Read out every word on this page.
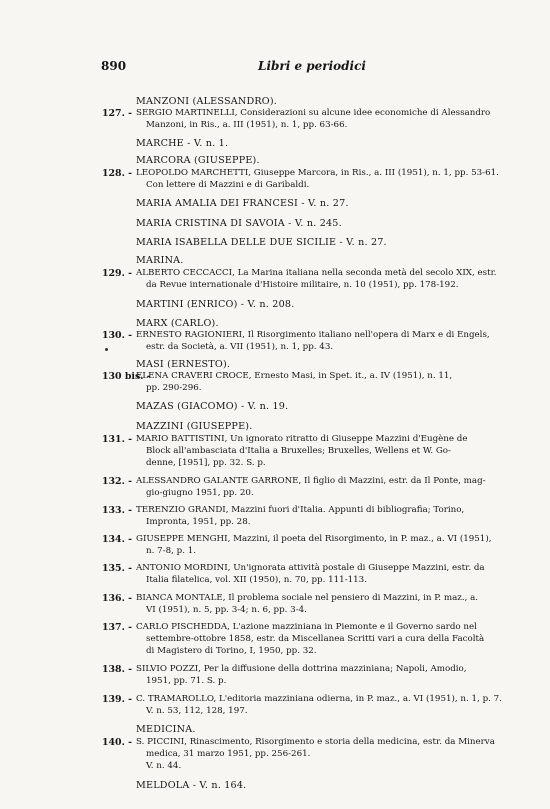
890	Libri e periodici
MANZONI (ALESSANDRO).
127. - SERGIO MARTINELLI, Considerazioni su alcune idee economiche di Alessandro
Manzoni, in Ris., a. III (1951), n. 1, pp. 63-66.
MARCHE - V. n. 1.
MARCORA (GIUSEPPE).
128. - LEOPOLDO MARCHETTI, Giuseppe Marcora, in Ris., a. III (1951), n. 1, pp. 53-61.
Con lettere di Mazzini e di Garibaldi.
MARIA AMALIA DEI FRANCESI - V. n. 27.
MARIA CRISTINA DI SAVOIA - V. n. 245.
MARIA ISABELLA DELLE DUE SICILIE - V. n. 27.
MARINA.
129. - ALBERTO CECCACCI, La Marina italiana nella seconda metà del secolo XIX, estr.
da Revue internationale d'Histoire militaire, n. 10 (1951), pp. 178-192.
MARTINI (ENRICO) - V. n. 208.
MARX (CARLO).
130. - ERNESTO RAGIONIERI, Il Risorgimento italiano nell'opera di Marx e di Engels,
estr. da Società, a. VII (1951), n. 1, pp. 43.
MASI (ERNESTO).
130 bis. -
ELENA CRAVERI CROCE, Ernesto Masi, in Spet. it., a. IV (1951), n. 11,
pp. 290-296.
MAZAS (GIACOMO) - V. n. 19.
MAZZINI (GIUSEPPE).
131. - MARIO BATTISTINI, Un ignorato ritratto di Giuseppe Mazzini d'Eugène de
Block all'ambasciata d'Italia a Bruxelles; Bruxelles, Wellens et W. Go-
denne, [1951], pp. 32. S. p.
132. - ALESSANDRO GALANTE GARRONE, Il figlio di Mazzini, estr. da Il Ponte, mag-
gio-giugno 1951, pp. 20.
133. - TERENZIO GRANDI, Mazzini fuori d'Italia. Appunti di bibliografia; Torino,
Impronta, 1951, pp. 28.
134. - GIUSEPPE MENGHI, Mazzini, il poeta del Risorgimento, in P. maz., a. VI (1951),
n. 7-8, p. 1.
135. - ANTONIO MORDINI, Un'ignorata attività postale di Giuseppe Mazzini, estr. da
Italia filatelica, vol. XII (1950), n. 70, pp. 111-113.
136. - BIANCA MONTALE, Il problema sociale nel pensiero di Mazzini, in P. maz., a.
VI (1951), n. 5, pp. 3-4; n. 6, pp. 3-4.
137. - CARLO PISCHEDDA, L'azione mazziniana in Piemonte e il Governo sardo nel
settembre-ottobre 1858, estr. da Miscellanea Scritti vari a cura della Facoltà
di Magistero di Torino, I, 1950, pp. 32.
138. - SILVIO POZZI, Per la diffusione della dottrina mazziniana; Napoli, Amodio,
1951, pp. 71. S. p.
139. - C. TRAMAROLLO, L'editoria mazziniana odierna, in P. maz., a. VI (1951), n. 1, p. 7.
V. n. 53, 112, 128, 197.
MEDICINA.
140. - S. PICCINI, Rinascimento, Risorgimento e storia della medicina, estr. da Minerva
medica, 31 marzo 1951, pp. 256-261.
V. n. 44.
MELDOLA - V. n. 164.
